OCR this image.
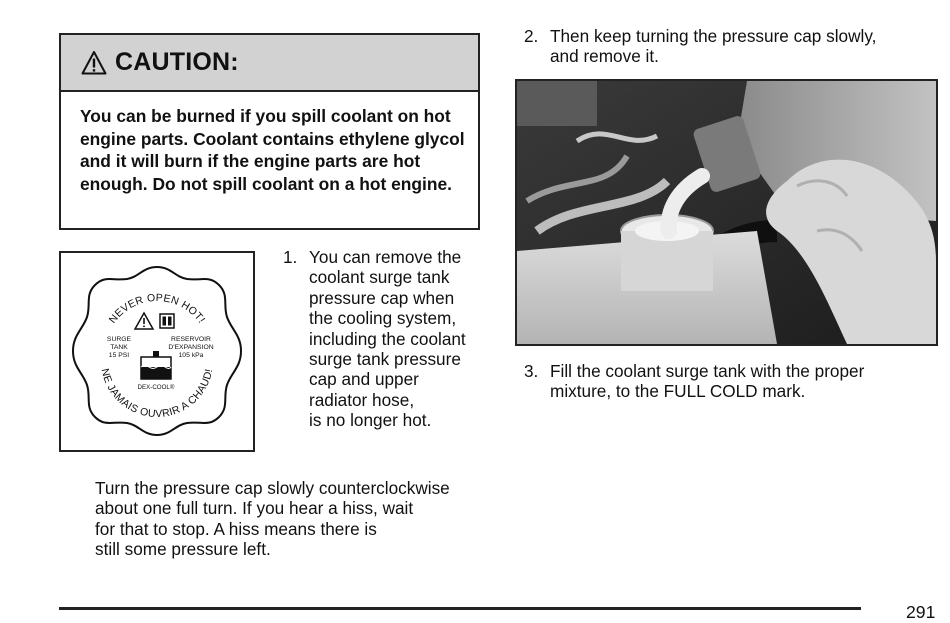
CAUTION:
You can be burned if you spill coolant on hot engine parts. Coolant contains ethylene glycol and it will burn if the engine parts are hot enough. Do not spill coolant on a hot engine.
NEVER OPEN HOT!
NE JAMAIS OUVRIR A CHAUD!
SURGE
TANK
15 PSI
RESERVOIR
D'EXPANSION
105 kPa
DEX-COOL®
1. You can remove the
coolant surge tank
pressure cap when
the cooling system,
including the coolant
surge tank pressure
cap and upper
radiator hose,
is no longer hot.
Turn the pressure cap slowly counterclockwise
about one full turn. If you hear a hiss, wait
for that to stop. A hiss means there is
still some pressure left.
2. Then keep turning the pressure cap slowly,
and remove it.
3. Fill the coolant surge tank with the proper
mixture, to the FULL COLD mark.
291
